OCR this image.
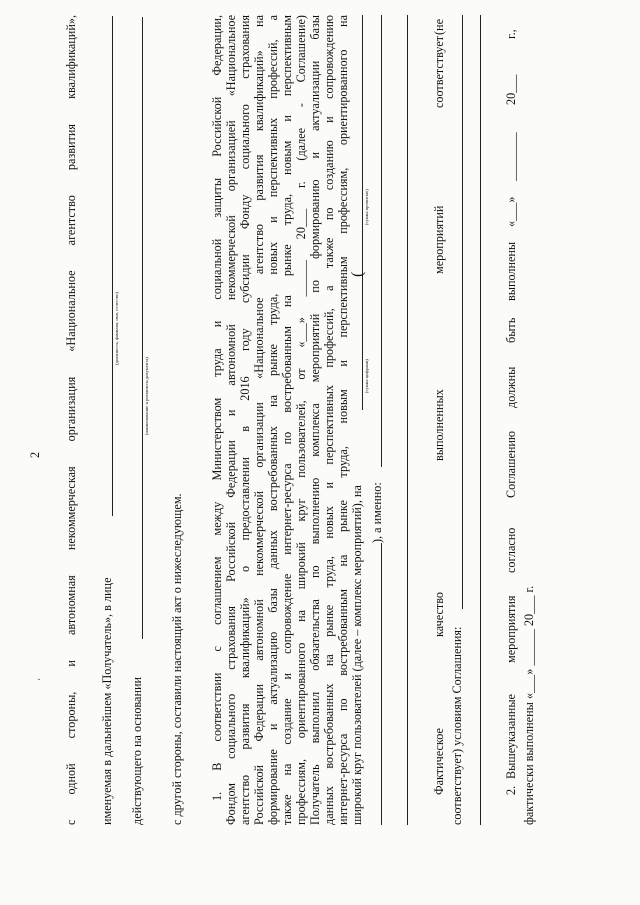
2
ʻ с одной стороны, и автономная некоммерческая организация «Национальное агентство развития квалификаций», именуемая в дальнейшем «Получатель», в лице
(должность, фамилия, имя, отчество)
действующего на основании
(наименование и реквизиты документа)
с другой стороны, составили настоящий акт о нижеследующем. 1. В соответствии с соглашением между Министерством труда и социальной защиты Российской Федерации, Фондом социального страхования Российской Федерации и автономной некоммерческой организацией «Национальное агентство развития квалификаций» о предоставлении в 2016 году субсидии Фонду социального страхования Российской Федерации автономной некоммерческой организации «Национальное агентство развития квалификаций» на формирование и актуализацию базы данных востребованных на рынке труда, новых и перспективных профессий, а также на создание и сопровождение интернет-ресурса по востребованным на рынке труда, новым и перспективным профессиям, ориентированного на широкий круг пользователей, от «___» ______ 20___ г. (далее - Соглашение) Получатель выполнил обязательства по выполнению комплекса мероприятий по формированию и актуализации базы данных востребованных на рынке труда, новых и перспективных профессий, а также по созданию и сопровождению интернет-ресурса по востребованным на рынке труда, новым и перспективным профессиям, ориентированного на широкий круг пользователей (далее – комплекс мероприятий), на
(
(сумма цифрами)
(сумма прописью)
), а именно:
Фактическое
качество
выполненных
мероприятий
соответствует
(не
соответствует) условиям Соглашения:	2.
Вышеуказанные
мероприятия
согласно
Соглашению
должны
быть
выполнены
«___»
________
20___
г.,
фактически выполнены «___» ______ 20___ г.
